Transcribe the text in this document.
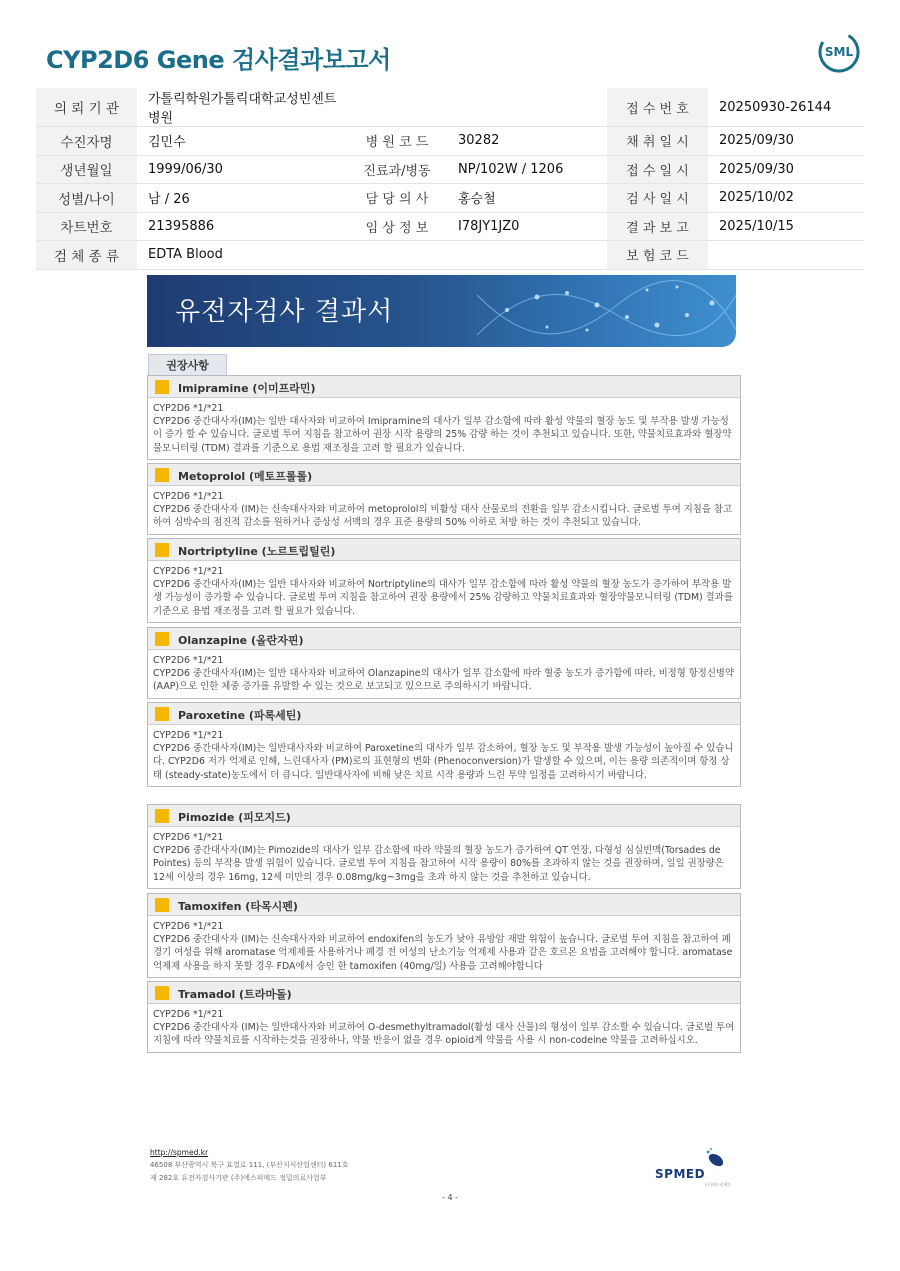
CYP2D6 Gene 검사결과보고서	SML
의 뢰 기 관	가톨릭학원가톨릭대학교성빈센트병원			접 수 번 호	20250930-26144
수진자명	김민수	병 원 코 드	30282	채 취 일 시	2025/09/30
생년월일	1999/06/30	진료과/병동	NP/102W / 1206	접 수 일 시	2025/09/30
성별/나이	남 / 26	담 당 의 사	홍승철	검 사 일 시	2025/10/02
차트번호	21395886	임 상 정 보	I78JY1JZ0	결 과 보 고	2025/10/15
검 체 종 류	EDTA Blood			보 험 코 드	
유전자검사 결과서
권장사항
Imipramine (이미프라민)
CYP2D6 *1/*21
CYP2D6 중간대사자(IM)는 일반 대사자와 비교하여 Imipramine의 대사가 일부 감소함에 따라 활성 약물의 혈장 농도 및 부작용 발생 가능성이 증가 할 수 있습니다. 글로벌 투여 지침을 참고하여 권장 시작 용량의 25% 감량 하는 것이 추천되고 있습니다. 또한, 약물치료효과와 혈장약물모니터링 (TDM) 결과를 기준으로 용법 재조정을 고려 할 필요가 있습니다.
Metoprolol (메토프롤롤)
CYP2D6 *1/*21
CYP2D6 중간대사자 (IM)는 신속대사자와 비교하여 metoprolol의 비활성 대사 산물로의 전환을 일부 감소시킵니다. 글로벌 투여 지침을 참고하여 심박수의 점진적 감소를 원하거나 증상성 서맥의 경우 표준 용량의 50% 이하로 처방 하는 것이 추천되고 있습니다.
Nortriptyline (노르트립틸린)
CYP2D6 *1/*21
CYP2D6 중간대사자(IM)는 일반 대사자와 비교하여 Nortriptyline의 대사가 일부 감소함에 따라 활성 약물의 혈장 농도가 증가하여 부작용 발생 가능성이 증가할 수 있습니다. 글로벌 투여 지침을 참고하여 권장 용량에서 25% 감량하고 약물치료효과와 혈장약물모니터링 (TDM) 결과를 기준으로 용법 재조정을 고려 할 필요가 있습니다.
Olanzapine (올란자핀)
CYP2D6 *1/*21
CYP2D6 중간대사자(IM)는 일반 대사자와 비교하여 Olanzapine의 대사가 일부 감소함에 따라 혈중 농도가 증가함에 따라, 비정형 항정신병약 (AAP)으로 인한 체중 증가를 유발할 수 있는 것으로 보고되고 있으므로 주의하시기 바랍니다.
Paroxetine (파록세틴)
CYP2D6 *1/*21
CYP2D6 중간대사자(IM)는 일반대사자와 비교하여 Paroxetine의 대사가 일부 감소하여, 혈장 농도 및 부작용 발생 가능성이 높아질 수 있습니다. CYP2D6 저가 억제로 인해, 느린대사자 (PM)로의 표현형의 변화 (Phenoconversion)가 발생할 수 있으며, 이는 용량 의존적이며 항정 상태 (steady-state)농도에서 더 큽니다. 일반대사자에 비해 낮은 치료 시작 용량과 느린 투약 일정을 고려하시기 바랍니다.
Pimozide (피모지드)
CYP2D6 *1/*21
CYP2D6 중간대사자(IM)는 Pimozide의 대사가 일부 감소함에 따라 약물의 혈장 농도가 증가하여 QT 연장, 다형성 심실빈맥(Torsades de Pointes) 등의 부작용 발생 위험이 있습니다. 글로벌 투여 지침을 참고하여 시작 용량이 80%를 초과하지 않는 것을 권장하며, 일일 권장량은 12세 이상의 경우 16mg, 12세 미만의 경우 0.08mg/kg~3mg을 초과 하지 않는 것을 추천하고 있습니다.
Tamoxifen (타목시펜)
CYP2D6 *1/*21
CYP2D6 중간대사자 (IM)는 신속대사자와 비교하여 endoxifen의 농도가 낮아 유방암 재발 위험이 높습니다. 글로벌 투여 지침을 참고하여 폐경기 여성을 위해 aromatase 억제제를 사용하거나 폐경 전 여성의 난소기능 억제제 사용과 같은 호르몬 요법을 고려해야 합니다. aromatase 억제제 사용을 하지 못할 경우 FDA에서 승인 한 tamoxifen (40mg/일) 사용을 고려해야합니다
Tramadol (트라마돌)
CYP2D6 *1/*21
CYP2D6 중간대사자 (IM)는 일반대사자와 비교하여 O-desmethyltramadol(활성 대사 산물)의 형성이 일부 감소할 수 있습니다. 글로벌 투여지침에 따라 약물치료를 시작하는것을 권장하나, 약물 반응이 없을 경우 opioid계 약물을 사용 시 non-codeine 약물을 고려하십시오.
http://spmed.kr
46508 부산광역시 북구 효열로 111, (부산지식산업센터) 611호
제 282호 유전자검사기관 (주)에스피메드 정밀의료사업부
- 4 -
SPMED
(주)에스피메드
